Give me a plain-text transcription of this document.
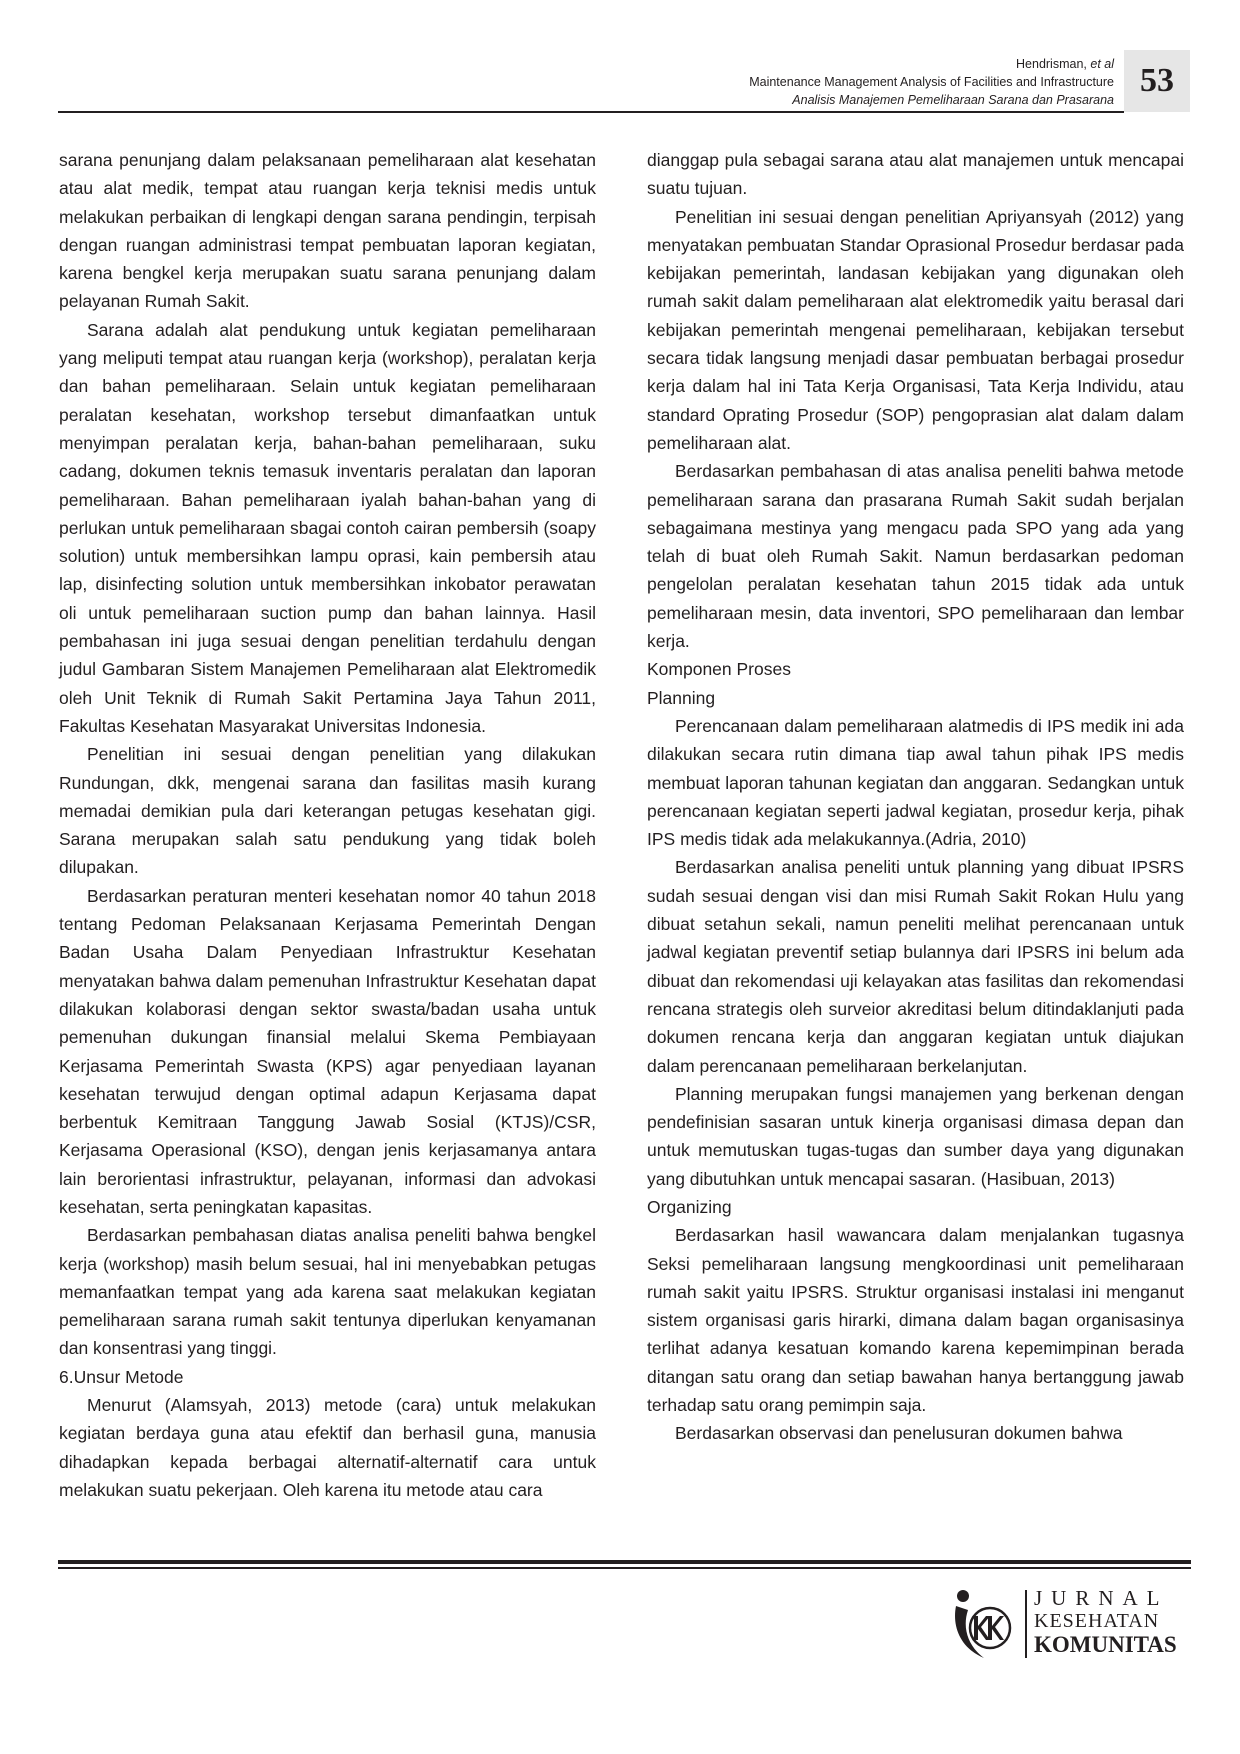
Hendrisman, et al
Maintenance Management Analysis of Facilities and Infrastructure
Analisis Manajemen Pemeliharaan Sarana dan Prasarana
53

sarana penunjang dalam pelaksanaan pemeliharaan alat kesehatan atau alat medik, tempat atau ruangan kerja teknisi medis untuk melakukan perbaikan di lengkapi dengan sarana pendingin, terpisah dengan ruangan administrasi tempat pembuatan laporan kegiatan, karena bengkel kerja merupakan suatu sarana penunjang dalam pelayanan Rumah Sakit.

Sarana adalah alat pendukung untuk kegiatan pemeliharaan yang meliputi tempat atau ruangan kerja (workshop), peralatan kerja dan bahan pemeliharaan. Selain untuk kegiatan pemeliharaan peralatan kesehatan, workshop tersebut dimanfaatkan untuk menyimpan peralatan kerja, bahan-bahan pemeliharaan, suku cadang, dokumen teknis temasuk inventaris peralatan dan laporan pemeliharaan. Bahan pemeliharaan iyalah bahan-bahan yang di perlukan untuk pemeliharaan sbagai contoh cairan pembersih (soapy solution) untuk membersihkan lampu oprasi, kain pembersih atau lap, disinfecting solution untuk membersihkan inkobator perawatan oli untuk pemeliharaan suction pump dan bahan lainnya. Hasil pembahasan ini juga sesuai dengan penelitian terdahulu dengan judul Gambaran Sistem Manajemen Pemeliharaan alat Elektromedik oleh Unit Teknik di Rumah Sakit Pertamina Jaya Tahun 2011, Fakultas Kesehatan Masyarakat Universitas Indonesia.

Penelitian ini sesuai dengan penelitian yang dilakukan Rundungan, dkk, mengenai sarana dan fasilitas masih kurang memadai demikian pula dari keterangan petugas kesehatan gigi. Sarana merupakan salah satu pendukung yang tidak boleh dilupakan.

Berdasarkan peraturan menteri kesehatan nomor 40 tahun 2018 tentang Pedoman Pelaksanaan Kerjasama Pemerintah Dengan Badan Usaha Dalam Penyediaan Infrastruktur Kesehatan menyatakan bahwa dalam pemenuhan Infrastruktur Kesehatan dapat dilakukan kolaborasi dengan sektor swasta/badan usaha untuk pemenuhan dukungan finansial melalui Skema Pembiayaan Kerjasama Pemerintah Swasta (KPS) agar penyediaan layanan kesehatan terwujud dengan optimal adapun Kerjasama dapat berbentuk Kemitraan Tanggung Jawab Sosial (KTJS)/CSR, Kerjasama Operasional (KSO), dengan jenis kerjasamanya antara lain berorientasi infrastruktur, pelayanan, informasi dan advokasi kesehatan, serta peningkatan kapasitas.

Berdasarkan pembahasan diatas analisa peneliti bahwa bengkel kerja (workshop) masih belum sesuai, hal ini menyebabkan petugas memanfaatkan tempat yang ada karena saat melakukan kegiatan pemeliharaan sarana rumah sakit tentunya diperlukan kenyamanan dan konsentrasi yang tinggi.

6.Unsur Metode

Menurut (Alamsyah, 2013) metode (cara) untuk melakukan kegiatan berdaya guna atau efektif dan berhasil guna, manusia dihadapkan kepada berbagai alternatif-alternatif cara untuk melakukan suatu pekerjaan. Oleh karena itu metode atau cara

dianggap pula sebagai sarana atau alat manajemen untuk mencapai suatu tujuan.

Penelitian ini sesuai dengan penelitian Apriyansyah (2012) yang menyatakan pembuatan Standar Oprasional Prosedur berdasar pada kebijakan pemerintah, landasan kebijakan yang digunakan oleh rumah sakit dalam pemeliharaan alat elektromedik yaitu berasal dari kebijakan pemerintah mengenai pemeliharaan, kebijakan tersebut secara tidak langsung menjadi dasar pembuatan berbagai prosedur kerja dalam hal ini Tata Kerja Organisasi, Tata Kerja Individu, atau standard Oprating Prosedur (SOP) pengoprasian alat dalam dalam pemeliharaan alat.

Berdasarkan pembahasan di atas analisa peneliti bahwa metode pemeliharaan sarana dan prasarana Rumah Sakit sudah berjalan sebagaimana mestinya yang mengacu pada SPO yang ada yang telah di buat oleh Rumah Sakit. Namun berdasarkan pedoman pengelolan peralatan kesehatan tahun 2015 tidak ada untuk pemeliharaan mesin, data inventori, SPO pemeliharaan dan lembar kerja.

Komponen Proses

Planning

Perencanaan dalam pemeliharaan alatmedis di IPS medik ini ada dilakukan secara rutin dimana tiap awal tahun pihak IPS medis membuat laporan tahunan kegiatan dan anggaran. Sedangkan untuk perencanaan kegiatan seperti jadwal kegiatan, prosedur kerja, pihak IPS medis tidak ada melakukannya.(Adria, 2010)

Berdasarkan analisa peneliti untuk planning yang dibuat IPSRS sudah sesuai dengan visi dan misi Rumah Sakit Rokan Hulu yang dibuat setahun sekali, namun peneliti melihat perencanaan untuk jadwal kegiatan preventif setiap bulannya dari IPSRS ini belum ada dibuat dan rekomendasi uji kelayakan atas fasilitas dan rekomendasi rencana strategis oleh surveior akreditasi belum ditindaklanjuti pada dokumen rencana kerja dan anggaran kegiatan untuk diajukan dalam perencanaan pemeliharaan berkelanjutan.

Planning merupakan fungsi manajemen yang berkenan dengan pendefinisian sasaran untuk kinerja organisasi dimasa depan dan untuk memutuskan tugas-tugas dan sumber daya yang digunakan yang dibutuhkan untuk mencapai sasaran. (Hasibuan, 2013)

Organizing

Berdasarkan hasil wawancara dalam menjalankan tugasnya Seksi pemeliharaan langsung mengkoordinasi unit pemeliharaan rumah sakit yaitu IPSRS. Struktur organisasi instalasi ini menganut sistem organisasi garis hirarki, dimana dalam bagan organisasinya terlihat adanya kesatuan komando karena kepemimpinan berada ditangan satu orang dan setiap bawahan hanya bertanggung jawab terhadap satu orang pemimpin saja.

Berdasarkan observasi dan penelusuran dokumen bahwa

JURNAL
KESEHATAN
KOMUNITAS
